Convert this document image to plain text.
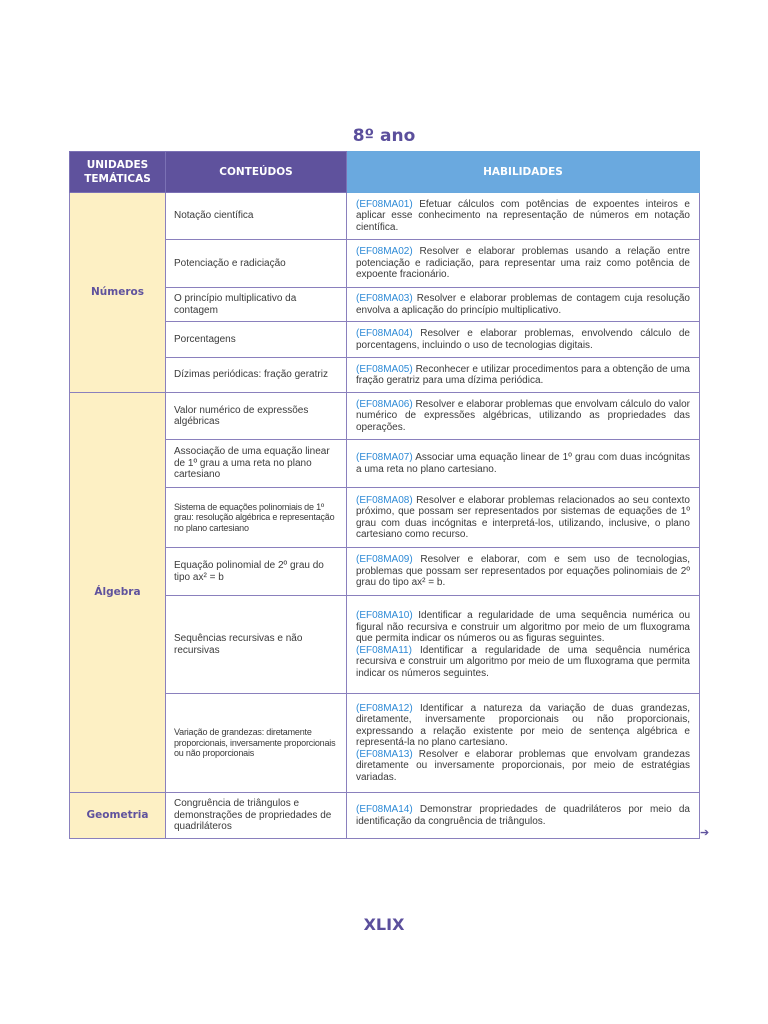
8º ano
UNIDADES TEMÁTICAS	CONTEÚDOS	HABILIDADES
Números	Notação científica	(EF08MA01) Efetuar cálculos com potências de expoentes inteiros e aplicar esse conhecimento na representação de números em notação científica.
	Potenciação e radiciação	(EF08MA02) Resolver e elaborar problemas usando a relação entre potenciação e radiciação, para representar uma raiz como potência de expoente fracionário.
	O princípio multiplicativo da contagem	(EF08MA03) Resolver e elaborar problemas de contagem cuja resolução envolva a aplicação do princípio multiplicativo.
	Porcentagens	(EF08MA04) Resolver e elaborar problemas, envolvendo cálculo de porcentagens, incluindo o uso de tecnologias digitais.
	Dízimas periódicas: fração geratriz	(EF08MA05) Reconhecer e utilizar procedimentos para a obtenção de uma fração geratriz para uma dízima periódica.
Álgebra	Valor numérico de expressões algébricas	(EF08MA06) Resolver e elaborar problemas que envolvam cálculo do valor numérico de expressões algébricas, utilizando as propriedades das operações.
	Associação de uma equação linear de 1º grau a uma reta no plano cartesiano	(EF08MA07) Associar uma equação linear de 1º grau com duas incógnitas a uma reta no plano cartesiano.
	Sistema de equações polinomiais de 1º grau: resolução algébrica e representação no plano cartesiano	(EF08MA08) Resolver e elaborar problemas relacionados ao seu contexto próximo, que possam ser representados por sistemas de equações de 1º grau com duas incógnitas e interpretá-los, utilizando, inclusive, o plano cartesiano como recurso.
	Equação polinomial de 2º grau do tipo ax² = b	(EF08MA09) Resolver e elaborar, com e sem uso de tecnologias, problemas que possam ser representados por equações polinomiais de 2º grau do tipo ax² = b.
	Sequências recursivas e não recursivas	(EF08MA10) Identificar a regularidade de uma sequência numérica ou figural não recursiva e construir um algoritmo por meio de um fluxograma que permita indicar os números ou as figuras seguintes.
(EF08MA11) Identificar a regularidade de uma sequência numérica recursiva e construir um algoritmo por meio de um fluxograma que permita indicar os números seguintes.
	Variação de grandezas: diretamente proporcionais, inversamente proporcionais ou não proporcionais	(EF08MA12) Identificar a natureza da variação de duas grandezas, diretamente, inversamente proporcionais ou não proporcionais, expressando a relação existente por meio de sentença algébrica e representá-la no plano cartesiano.
(EF08MA13) Resolver e elaborar problemas que envolvam grandezas diretamente ou inversamente proporcionais, por meio de estratégias variadas.
Geometria	Congruência de triângulos e demonstrações de propriedades de quadriláteros	(EF08MA14) Demonstrar propriedades de quadriláteros por meio da identificação da congruência de triângulos.
➔
XLIX
